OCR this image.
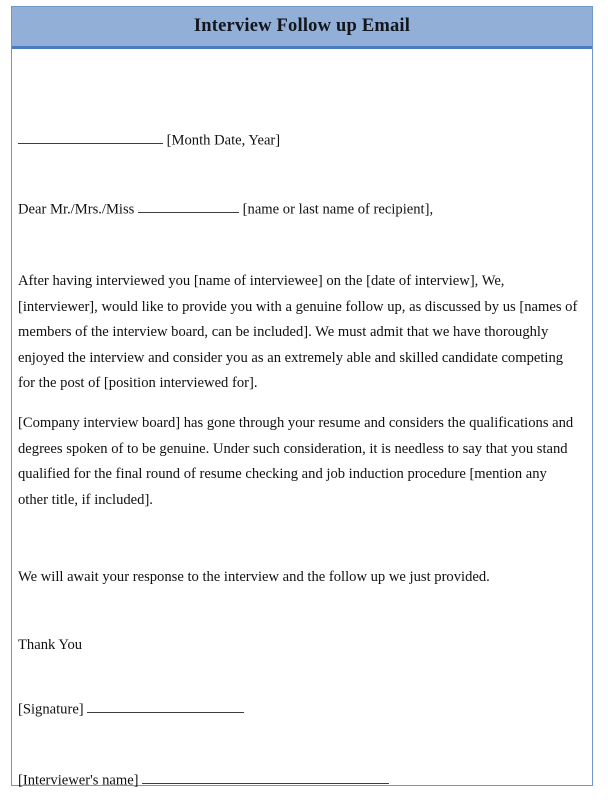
Interview Follow up Email
[Month Date, Year]
Dear Mr./Mrs./Miss	[name or last name of recipient],

After having interviewed you [name of interviewee] on the [date of interview], We,[interviewer], would like to provide you with a genuine follow up, as discussed by us [names of members of the interview board, can be included]. We must admit that we have thoroughly enjoyed the interview and consider you as an extremely able and skilled candidate competing for the post of [position interviewed for].

[Company interview board] has gone through your resume and considers the qualifications and degrees spoken of to be genuine. Under such consideration, it is needless to say that you stand qualified for the final round of resume checking and job induction procedure [mention any other title, if included].

We will await your response to the interview and the follow up we just provided.
Thank You
[Signature]
[Interviewer's name]
